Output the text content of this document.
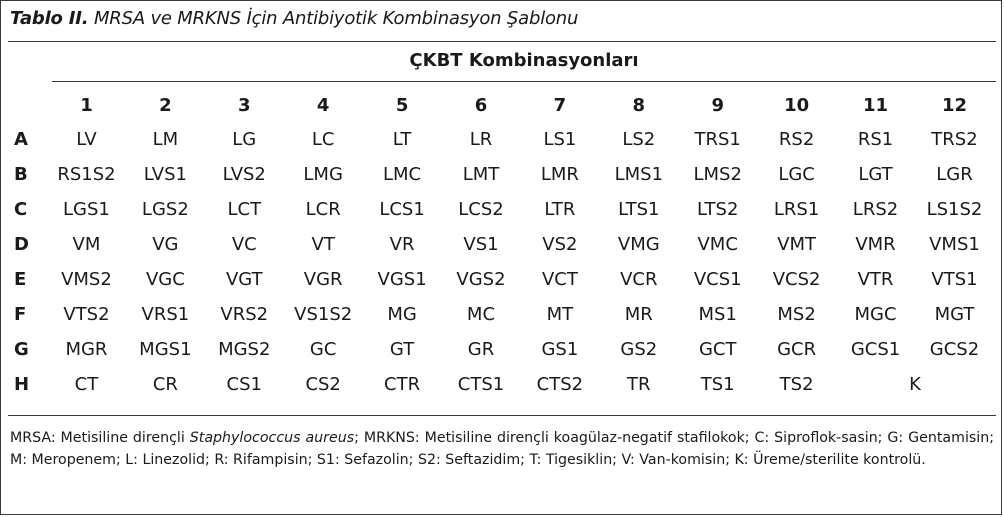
Tablo II. MRSA ve MRKNS İçin Antibiyotik Kombinasyon Şablonu
ÇKBT Kombinasyonları
	1	2	3	4	5	6	7	8	9	10	11	12
A	LV	LM	LG	LC	LT	LR	LS1	LS2	TRS1	RS2	RS1	TRS2
B	RS1S2	LVS1	LVS2	LMG	LMC	LMT	LMR	LMS1	LMS2	LGC	LGT	LGR
C	LGS1	LGS2	LCT	LCR	LCS1	LCS2	LTR	LTS1	LTS2	LRS1	LRS2	LS1S2
D	VM	VG	VC	VT	VR	VS1	VS2	VMG	VMC	VMT	VMR	VMS1
E	VMS2	VGC	VGT	VGR	VGS1	VGS2	VCT	VCR	VCS1	VCS2	VTR	VTS1
F	VTS2	VRS1	VRS2	VS1S2	MG	MC	MT	MR	MS1	MS2	MGC	MGT
G	MGR	MGS1	MGS2	GC	GT	GR	GS1	GS2	GCT	GCR	GCS1	GCS2
H	CT	CR	CS1	CS2	CTR	CTS1	CTS2	TR	TS1	TS2	K	
MRSA: Metisiline dirençli Staphylococcus aureus; MRKNS: Metisiline dirençli koagülaz-negatif stafilokok; C: Siproflok-sasin; G: Gentamisin; M: Meropenem; L: Linezolid; R: Rifampisin; S1: Sefazolin; S2: Seftazidim; T: Tigesiklin; V: Van-komisin; K: Üreme/sterilite kontrolü.
